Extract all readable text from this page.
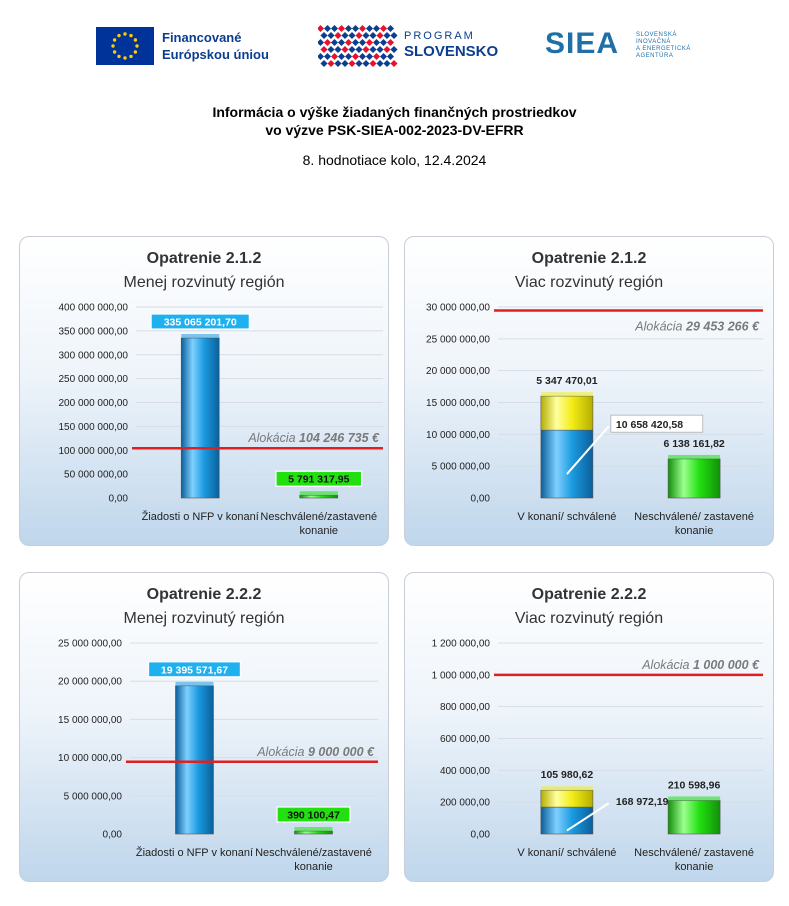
Financované
Európskou úniou
PROGRAM
SLOVENSKO SIEA	SLOVENSKÁ
INOVAČNÁ
A ENERGETICKÁ
AGENTÚRA
Informácia o výške žiadaných finančných prostriedkov
vo výzve PSK-SIEA-002-2023-DV-EFRR
8. hodnotiace kolo, 12.4.2024
Opatrenie 2.1.2
Menej rozvinutý región
0,00
50 000 000,00
100 000 000,00
150 000 000,00
200 000 000,00
250 000 000,00
300 000 000,00
350 000 000,00
400 000 000,00
335 065 201,70
5 791 317,95
Žiadosti o NFP v konaní Neschválené/zastavené
konanie
Alokácia 104 246 735 €
Opatrenie 2.1.2
Viac rozvinutý región
0,00
5 000 000,00
10 000 000,00
15 000 000,00
20 000 000,00
25 000 000,00
30 000 000,00
10 658 420,58
5 347 470,01
6 138 161,82
V konaní/ schválené Neschválené/ zastavené
konanie
Alokácia 29 453 266 €
Opatrenie 2.2.2
Menej rozvinutý región
0,00
5 000 000,00
10 000 000,00
15 000 000,00
20 000 000,00
25 000 000,00
19 395 571,67
390 100,47
Žiadosti o NFP v konaní Neschválené/zastavené
konanie
Alokácia 9 000 000 €
Opatrenie 2.2.2
Viac rozvinutý región
0,00
200 000,00
400 000,00
600 000,00
800 000,00
1 000 000,00
1 200 000,00
168 972,19
105 980,62
210 598,96
V konaní/ schválené Neschválené/ zastavené
konanie
Alokácia 1 000 000 €
